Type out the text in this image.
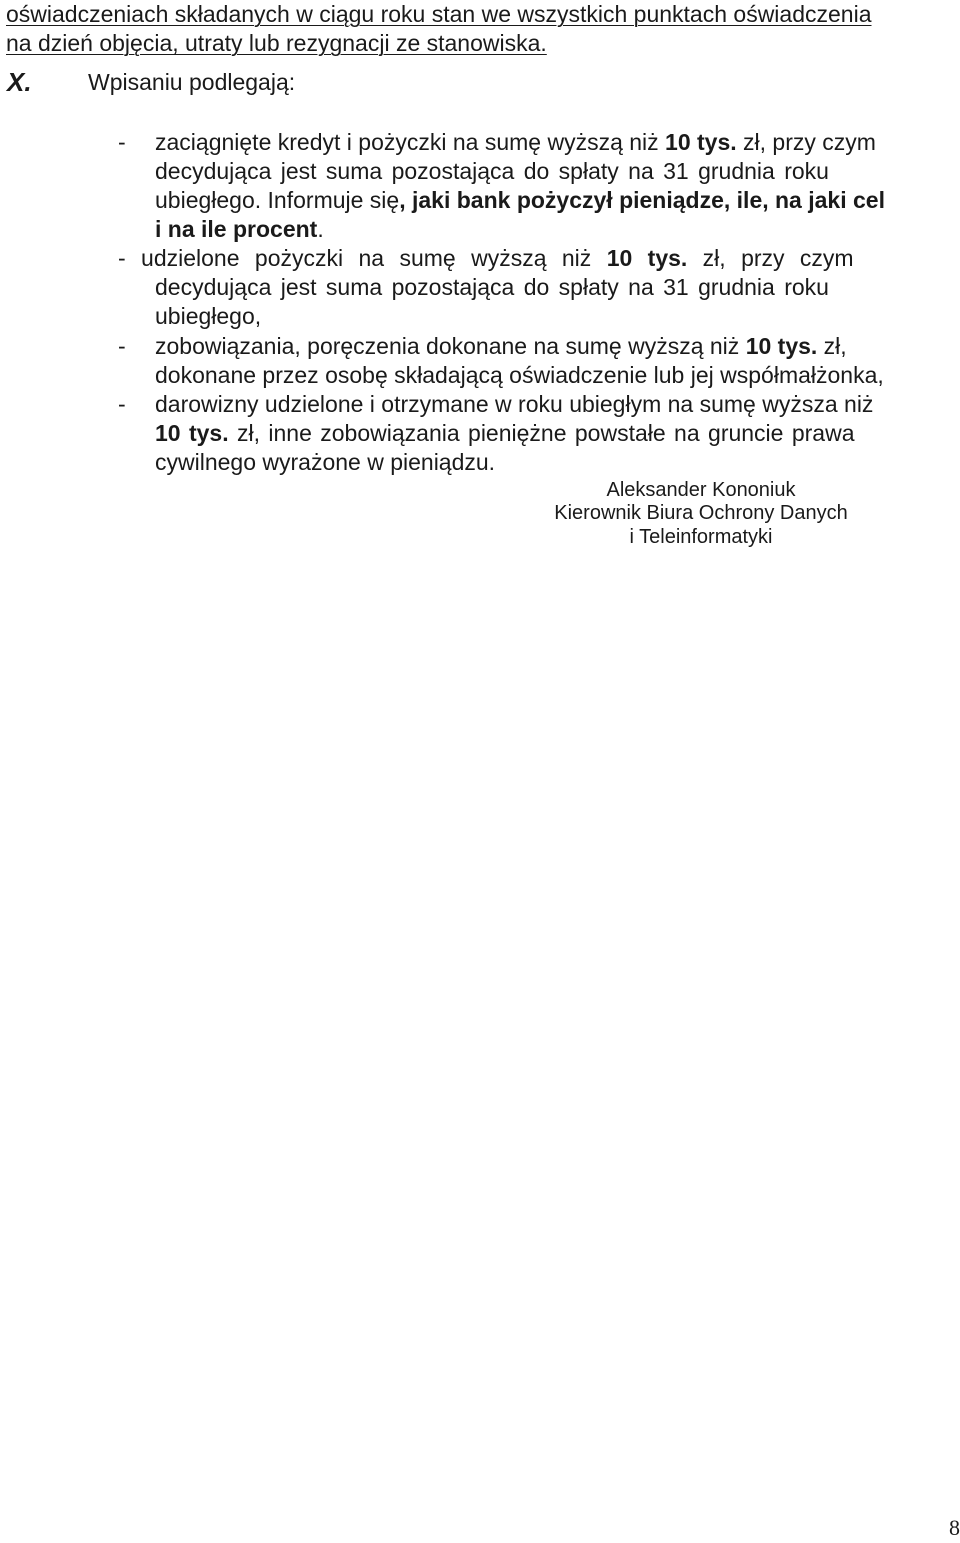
oświadczeniach składanych w ciągu roku stan we wszystkich punktach oświadczenia
na dzień objęcia, utraty lub rezygnacji ze stanowiska.
X. Wpisaniu podlegają:
- zaciągnięte kredyt i pożyczki na sumę wyższą niż 10 tys. zł, przy czym
decydująca jest suma pozostająca do spłaty na 31 grudnia roku
ubiegłego. Informuje się, jaki bank pożyczył pieniądze, ile, na jaki cel
i na ile procent.
- udzielone pożyczki na sumę wyższą niż 10 tys. zł, przy czym
decydująca jest suma pozostająca do spłaty na 31 grudnia roku
ubiegłego,
- zobowiązania, poręczenia dokonane na sumę wyższą niż 10 tys. zł,
dokonane przez osobę składającą oświadczenie lub jej współmałżonka,
- darowizny udzielone i otrzymane w roku ubiegłym na sumę wyższa niż
10 tys. zł, inne zobowiązania pieniężne powstałe na gruncie prawa
cywilnego wyrażone w pieniądzu.
Aleksander Kononiuk
Kierownik Biura Ochrony Danych
i Teleinformatyki
8
